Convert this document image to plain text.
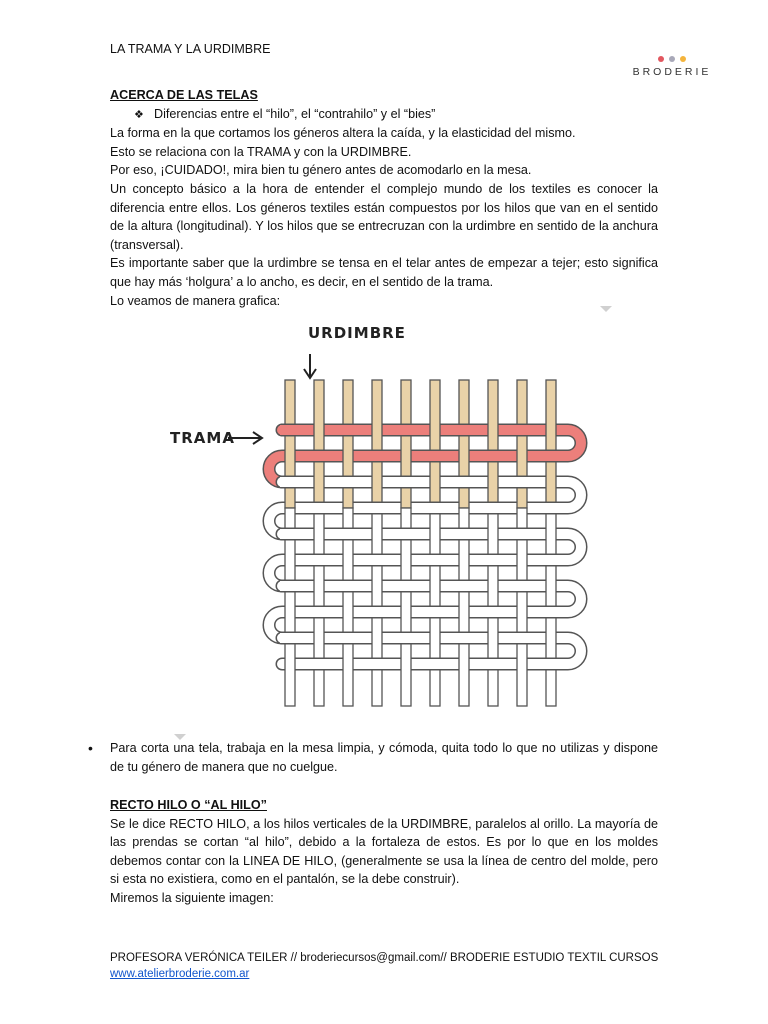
LA TRAMA Y LA URDIMBRE
BRODERIE

ACERCA DE LAS TELAS

❖ Diferencias entre el “hilo”, el “contrahilo” y el “bies”

La forma en la que cortamos los géneros altera la caída, y la elasticidad del mismo.

Esto se relaciona con la TRAMA y con la URDIMBRE.

Por eso, ¡CUIDADO!, mira bien tu género antes de acomodarlo en la mesa.

Un concepto básico a la hora de entender el complejo mundo de los textiles es conocer la diferencia entre ellos. Los géneros textiles están compuestos por los hilos que van en el sentido de la altura (longitudinal). Y los hilos que se entrecruzan con la urdimbre en sentido de la anchura (transversal).

Es importante saber que la urdimbre se tensa en el telar antes de empezar a tejer; esto significa que hay más ‘holgura’ a lo ancho, es decir, en el sentido de la trama.

Lo veamos de manera grafica:

URDIMBRE
TRAMA
•	Para corta una tela, trabaja en la mesa limpia, y cómoda, quita todo lo que no utilizas y dispone de tu género de manera que no cuelgue.

RECTO HILO O “AL HILO”

Se le dice RECTO HILO, a los hilos verticales de la URDIMBRE, paralelos al orillo. La mayoría de las prendas se cortan “al hilo”, debido a la fortaleza de estos. Es por lo que en los moldes debemos contar con la LINEA DE HILO, (generalmente se usa la línea de centro del molde, pero si esta no existiera, como en el pantalón, se la debe construir).

Miremos la siguiente imagen:

PROFESORA VERÓNICA TEILER // broderiecursos@gmail.com// BRODERIE ESTUDIO TEXTIL CURSOS
www.atelierbroderie.com.ar
